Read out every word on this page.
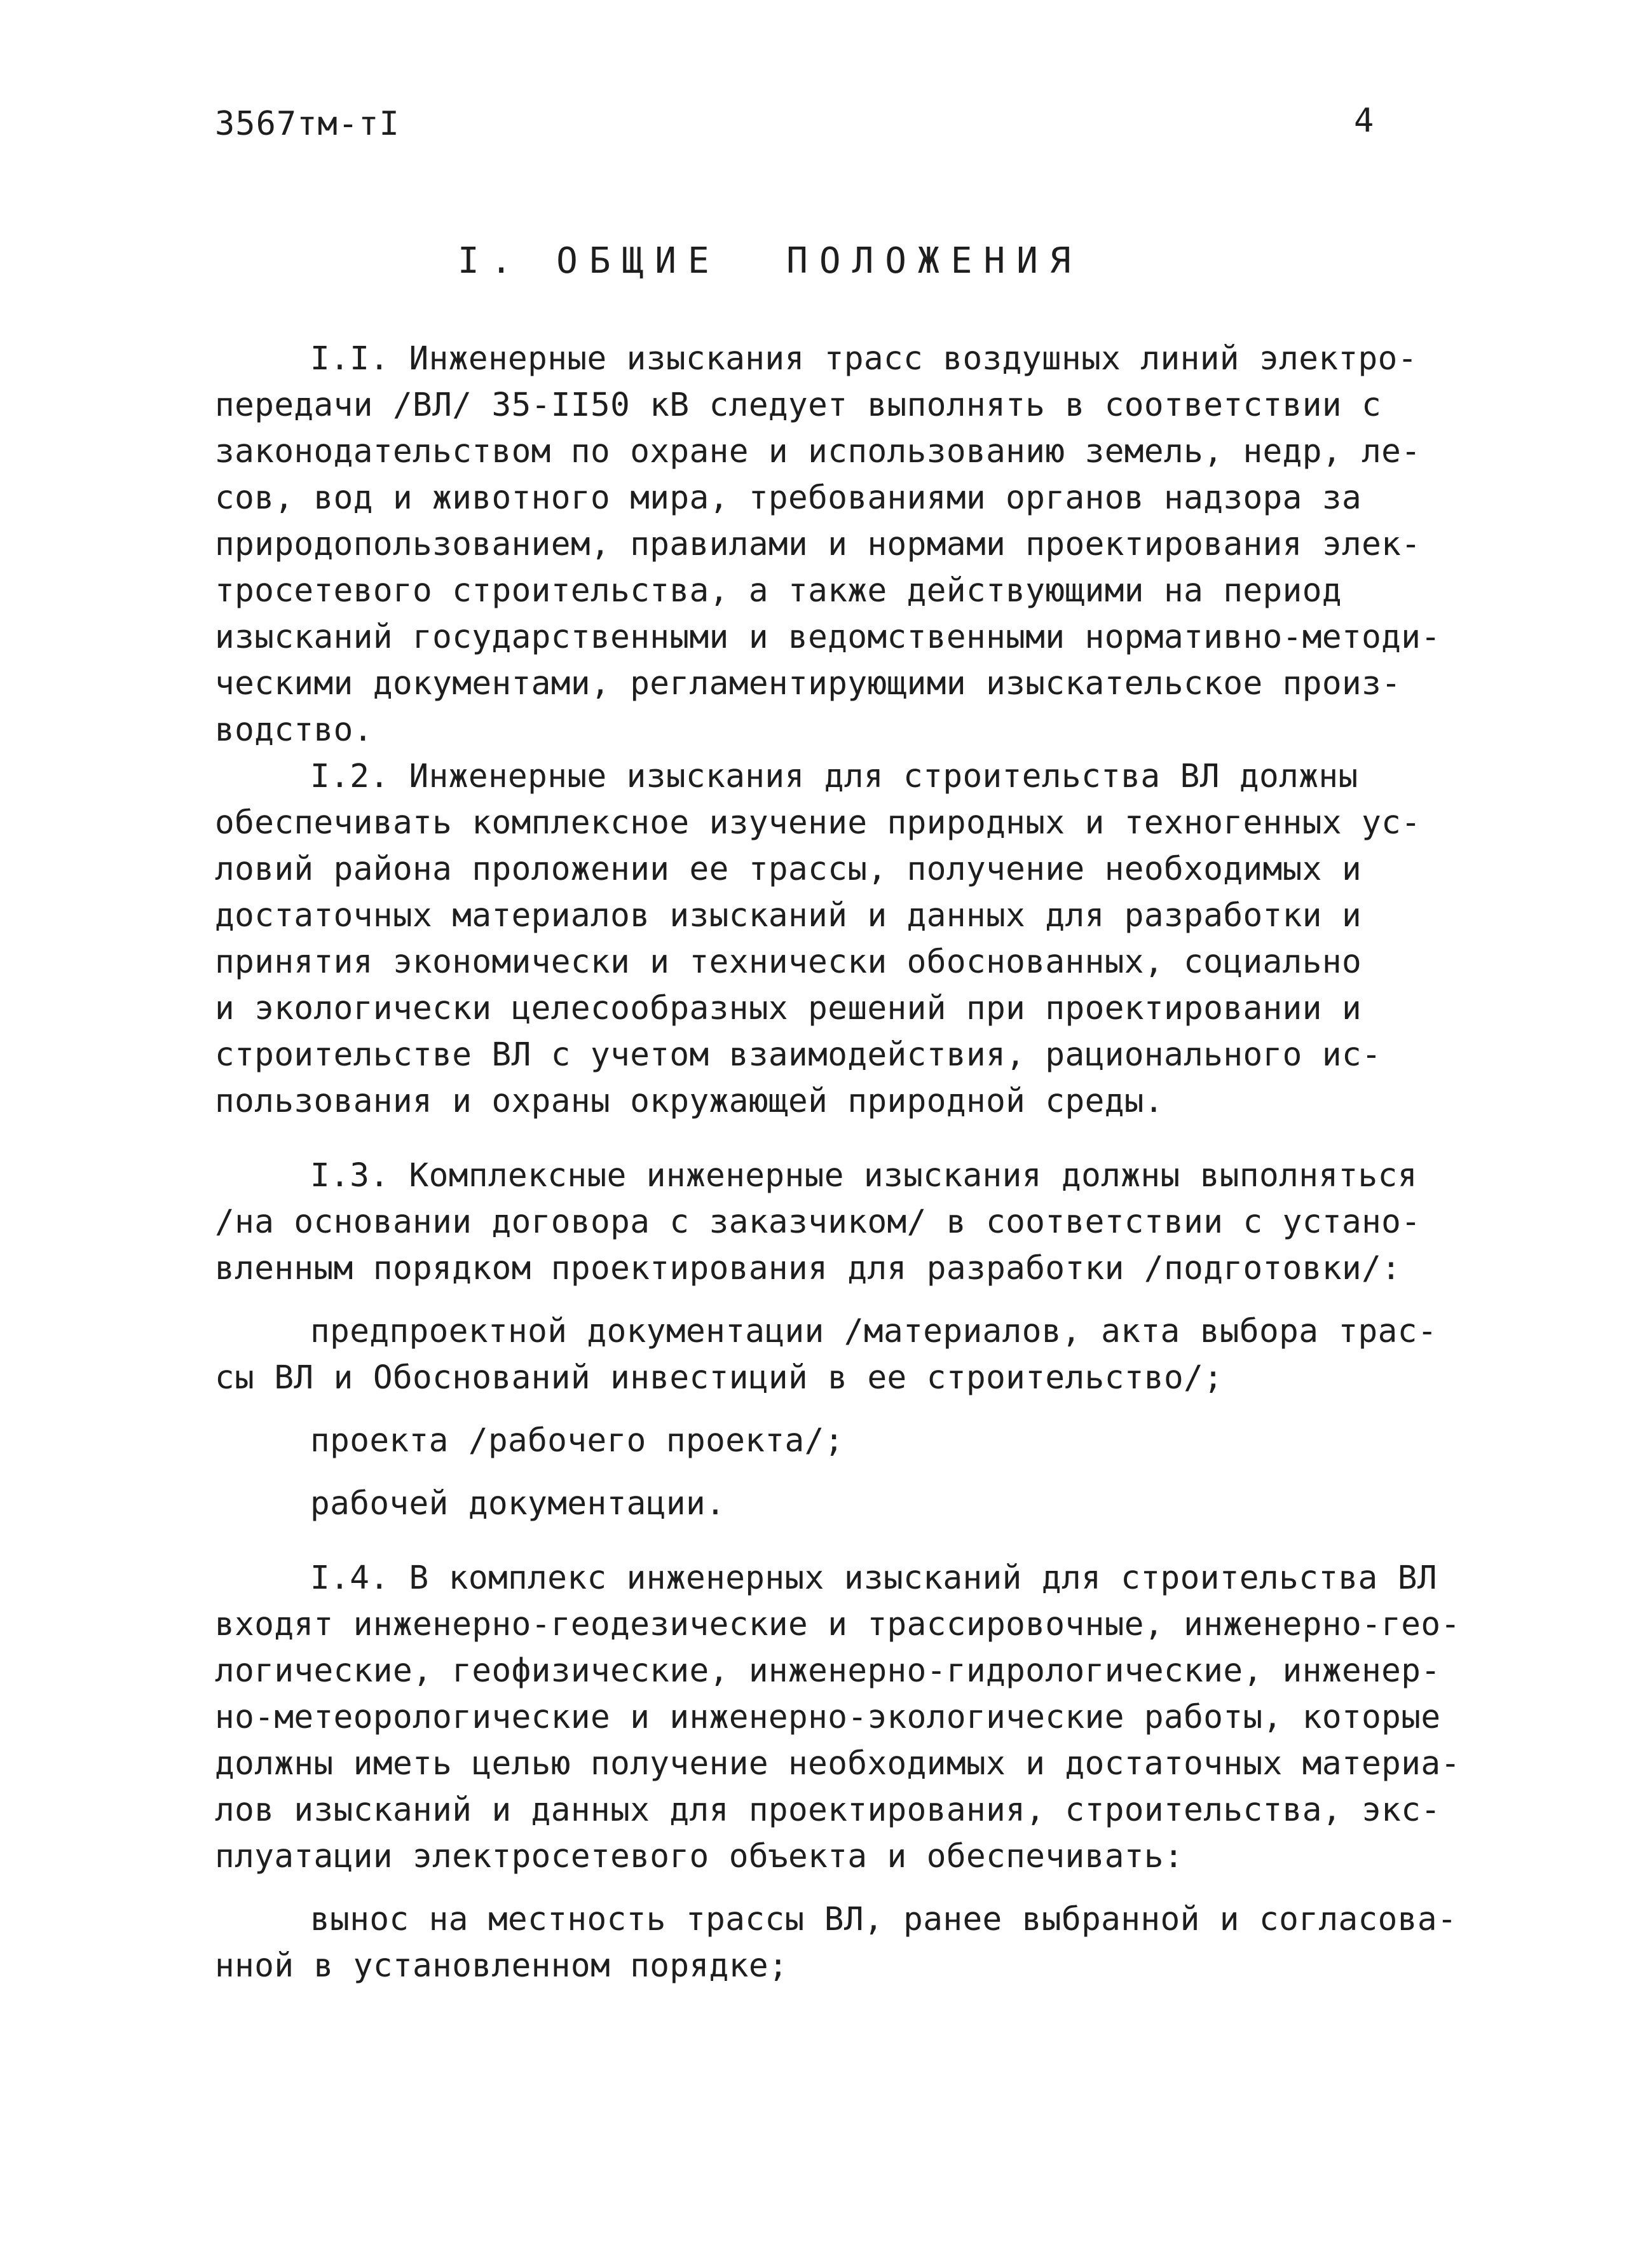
3567тм-тI	4
I. ОБЩИЕ  ПОЛОЖЕНИЯ
I.I. Инженерные изыскания трасс воздушных линий электро-
передачи /ВЛ/ 35-II50 кВ следует выполнять в соответствии с
законодательством по охране и использованию земель, недр, ле-
сов, вод и животного мира, требованиями органов надзора за
природопользованием, правилами и нормами проектирования элек-
тросетевого строительства, а также действующими на период
изысканий государственными и ведомственными нормативно-методи-
ческими документами, регламентирующими изыскательское произ-
водство.
I.2. Инженерные изыскания для строительства ВЛ должны
обеспечивать комплексное изучение природных и техногенных ус-
ловий района проложении ее трассы, получение необходимых и
достаточных материалов изысканий и данных для разработки и
принятия экономически и технически обоснованных, социально
и экологически целесообразных решений при проектировании и
строительстве ВЛ с учетом взаимодействия, рационального ис-
пользования и охраны окружающей природной среды.
I.3. Комплексные инженерные изыскания должны выполняться
/на основании договора с заказчиком/ в соответствии с устано-
вленным порядком проектирования для разработки /подготовки/:
предпроектной документации /материалов, акта выбора трас-
сы ВЛ и Обоснований инвестиций в ее строительство/;
проекта /рабочего проекта/;
рабочей документации.
I.4. В комплекс инженерных изысканий для строительства ВЛ
входят инженерно-геодезические и трассировочные, инженерно-гео-
логические, геофизические, инженерно-гидрологические, инженер-
но-метеорологические и инженерно-экологические работы, которые
должны иметь целью получение необходимых и достаточных материа-
лов изысканий и данных для проектирования, строительства, экс-
плуатации электросетевого объекта и обеспечивать:
вынос на местность трассы ВЛ, ранее выбранной и согласова-
нной в установленном порядке;
